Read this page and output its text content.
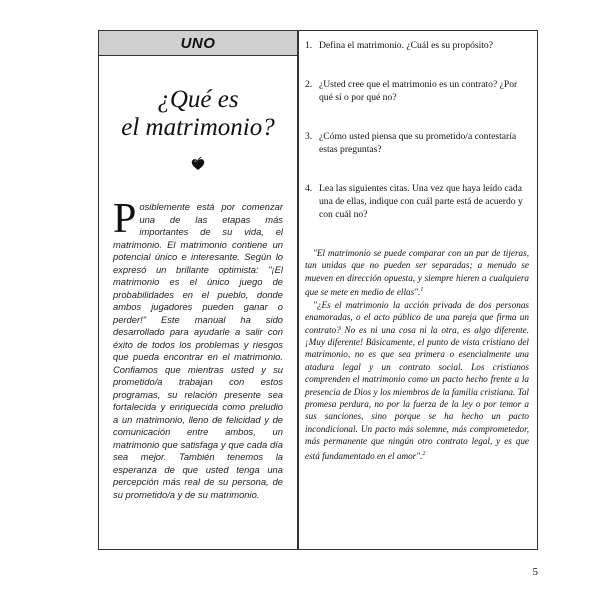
UNO
¿Qué es
el matrimonio?
Posiblemente está por comenzar una de las etapas más importantes de su vida, el matrimonio. El matrimonio contiene un potencial único e interesante. Según lo expresó un brillante optimista: "¡El matrimonio es el único juego de probabilidades en el pueblo, donde ambos jugadores pueden ganar o perder!" Este manual ha sido desarrollado para ayudarle a salir con éxito de todos los problemas y riesgos que pueda encontrar en el matrimonio. Confiamos que mientras usted y su prometido/a trabajan con estos programas, su relación presente sea fortalecida y enriquecida como preludio a un matrimonio, lleno de felicidad y de comunicación entre ambos, un matrimonio que satisfaga y que cada día sea mejor. También tenemos la esperanza de que usted tenga una percepción más real de su persona, de su prometido/a y de su matrimonio.
1. Defina el matrimonio. ¿Cuál es su propósito?
2. ¿Usted cree que el matrimonio es un contrato? ¿Por qué sí o por qué no?
3. ¿Cómo usted piensa que su prometido/a contestaría estas preguntas?
4. Lea las siguientes citas. Una vez que haya leído cada una de ellas, indique con cuál parte está de acuerdo y con cuál no?

"El matrimonio se puede comparar con un par de tijeras, tan unidas que no pueden ser separadas; a menudo se mueven en dirección opuesta, y siempre hieren a cualquiera que se mete en medio de ellas".$^1$

"¿Es el matrimonio la acción privada de dos personas enamoradas, o el acto público de una pareja que firma un contrato? No es ni una cosa ni la otra, es algo diferente. ¡Muy diferente! Básicamente, el punto de vista cristiano del matrimonio, no es que sea primera o esencialmente una atadura legal y un contrato social. Los cristianos comprenden el matrimonio como un pacto hecho frente a la presencia de Dios y los miembros de la familia cristiana. Tal promesa perdura, no por la fuerza de la ley o por temor a sus sanciones, sino porque se ha hecho un pacto incondicional. Un pacto más solemne, más comprometedor, más permanente que ningún otro contrato legal, y es que está fundamentado en el amor".$^2$

5
